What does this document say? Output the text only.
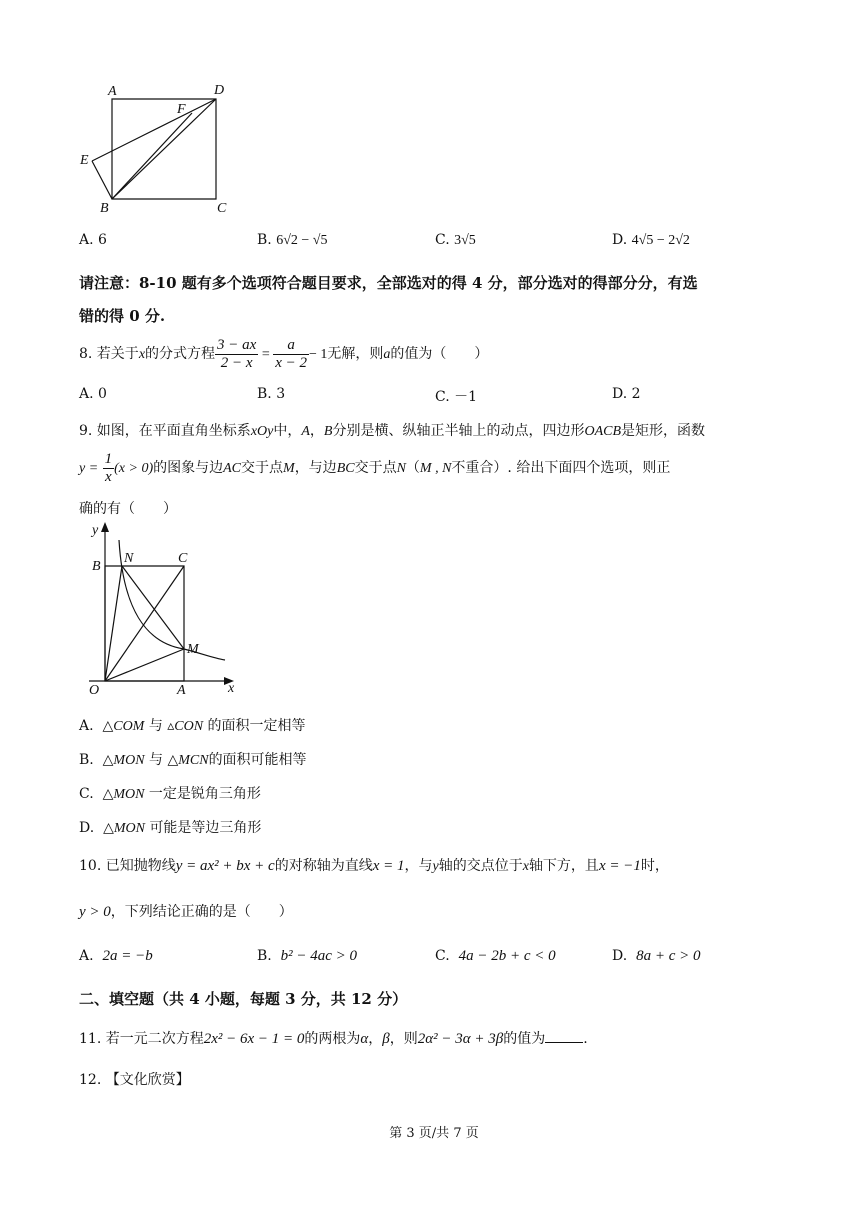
A	D
F
E
B	C
A. 6	B. 6√2 − √5	C. 3√5	D. 4√5 − 2√2
请注意：8-10 题有多个选项符合题目要求，全部选对的得 4 分，部分选对的得部分分，有选
错的得 0 分.
8. 若关于x的分式方程 $\frac{3 - ax}{2 - x} = \frac{a}{x - 2} - 1$无解，则a的值为（　　）
A. 0	B. 3	C. －1	D. 2
9. 如图，在平面直角坐标系xOy中，A，B分别是横、纵轴正半轴上的动点，四边形OACB是矩形，函数
$y = \frac{1}{x} (x > 0)$的图象与边AC交于点M，与边BC交于点N（M , N不重合）. 给出下面四个选项，则正
确的有（　　）
y
B
N	C
M
O	A	x
A. △COM 与 ▵CON 的面积一定相等
B. △MON 与 △MCN的面积可能相等
C. △MON 一定是锐角三角形
D. △MON 可能是等边三角形
10. 已知抛物线y = ax² + bx + c的对称轴为直线x = 1，与y轴的交点位于x轴下方，且x = −1时，
y > 0，下列结论正确的是（　　）
A. 2a = −b	B. b² − 4ac > 0	C. 4a − 2b + c < 0	D. 8a + c > 0
二、填空题（共 4 小题，每题 3 分，共 12 分）
11. 若一元二次方程2x² − 6x − 1 = 0的两根为α，β，则2α² − 3α + 3β的值为	.
12. 【文化欣赏】
第 3 页/共 7 页
